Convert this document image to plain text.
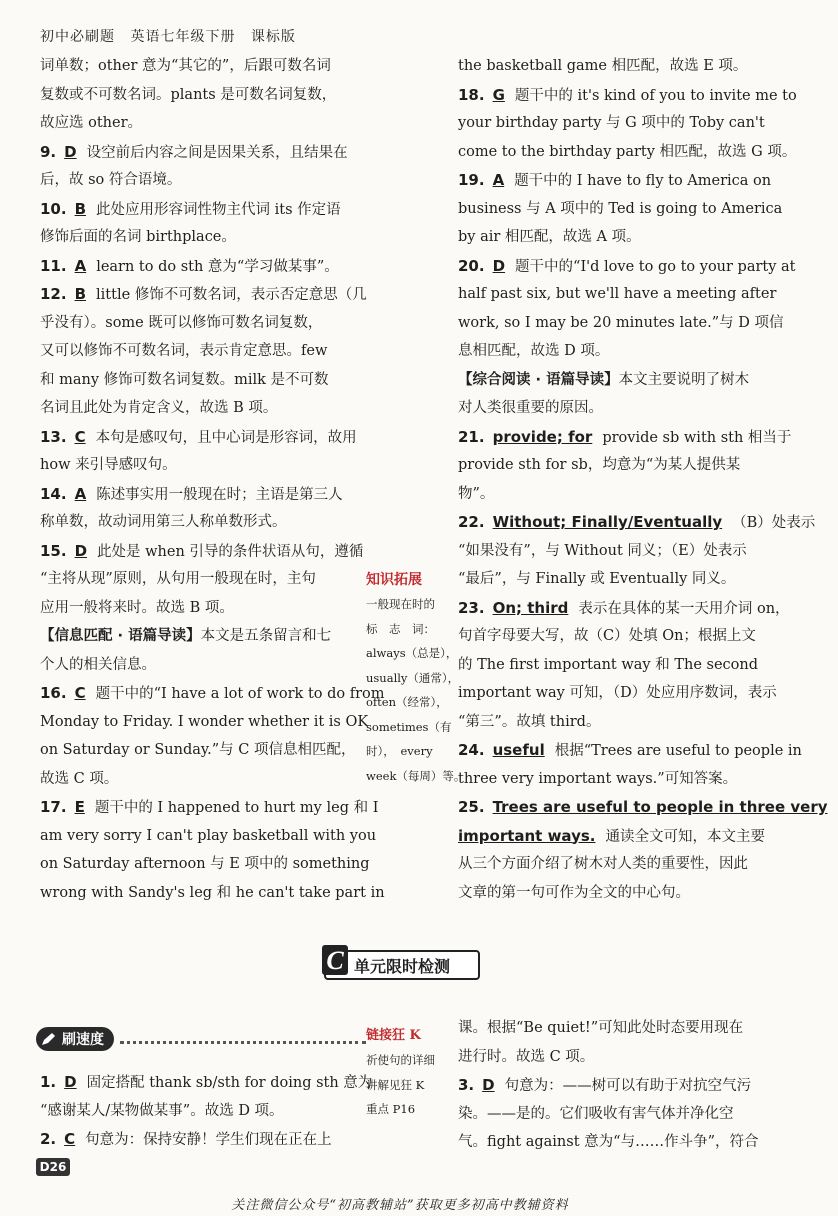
初中必刷题 英语七年级下册 课标版
词单数；other 意为“其它的”，后跟可数名词
复数或不可数名词。plants 是可数名词复数，
故应选 other。
9. D 设空前后内容之间是因果关系，且结果在
后，故 so 符合语境。
10. B 此处应用形容词性物主代词 its 作定语
修饰后面的名词 birthplace。
11. A learn to do sth 意为“学习做某事”。
12. B little 修饰不可数名词，表示否定意思（几
乎没有）。some 既可以修饰可数名词复数，
又可以修饰不可数名词，表示肯定意思。few
和 many 修饰可数名词复数。milk 是不可数
名词且此处为肯定含义，故选 B 项。
13. C 本句是感叹句，且中心词是形容词，故用
how 来引导感叹句。
14. A 陈述事实用一般现在时；主语是第三人
称单数，故动词用第三人称单数形式。
15. D 此处是 when 引导的条件状语从句，遵循
“主将从现”原则，从句用一般现在时，主句
应用一般将来时。故选 B 项。
【信息匹配 · 语篇导读】本文是五条留言和七
个人的相关信息。
16. C 题干中的“I have a lot of work to do from
Monday to Friday. I wonder whether it is OK
on Saturday or Sunday.”与 C 项信息相匹配，
故选 C 项。
17. E 题干中的 I happened to hurt my leg 和 I
am very sorry I can't play basketball with you
on Saturday afternoon 与 E 项中的 something
wrong with Sandy's leg 和 he can't take part in
the basketball game 相匹配，故选 E 项。
18. G 题干中的 it's kind of you to invite me to
your birthday party 与 G 项中的 Toby can't
come to the birthday party 相匹配，故选 G 项。
19. A 题干中的 I have to fly to America on
business 与 A 项中的 Ted is going to America
by air 相匹配，故选 A 项。
20. D 题干中的“I'd love to go to your party at
half past six, but we'll have a meeting after
work, so I may be 20 minutes late.”与 D 项信
息相匹配，故选 D 项。
【综合阅读 · 语篇导读】本文主要说明了树木
对人类很重要的原因。
21. provide; for provide sb with sth 相当于
provide sth for sb，均意为“为某人提供某
物”。
22. Without; Finally/Eventually （B）处表示
“如果没有”，与 Without 同义；（E）处表示
“最后”，与 Finally 或 Eventually 同义。
23. On; third 表示在具体的某一天用介词 on，
句首字母要大写，故（C）处填 On；根据上文
的 The first important way 和 The second
important way 可知，（D）处应用序数词，表示
“第三”。故填 third。
24. useful 根据“Trees are useful to people in
three very important ways.”可知答案。
25. Trees are useful to people in three very
important ways. 通读全文可知，本文主要
从三个方面介绍了树木对人类的重要性，因此
文章的第一句可作为全文的中心句。
知识拓展
一般现在时的
标　志　词：
always（总是），
usually（通常），
often（经常），
sometimes（有
时），　every
week（每周）等。
C 单元限时检测
刷速度
1. D 固定搭配 thank sb/sth for doing sth 意为
“感谢某人/某物做某事”。故选 D 项。
2. C 句意为：保持安静！学生们现在正在上
链接狂 K
祈使句的详细
讲解见狂 K
重点 P16
课。根据“Be quiet!”可知此处时态要用现在
进行时。故选 C 项。
3. D 句意为：——树可以有助于对抗空气污
染。——是的。它们吸收有害气体并净化空
气。fight against 意为“与……作斗争”，符合
D26
关注微信公众号“初高教辅站”获取更多初高中教辅资料
